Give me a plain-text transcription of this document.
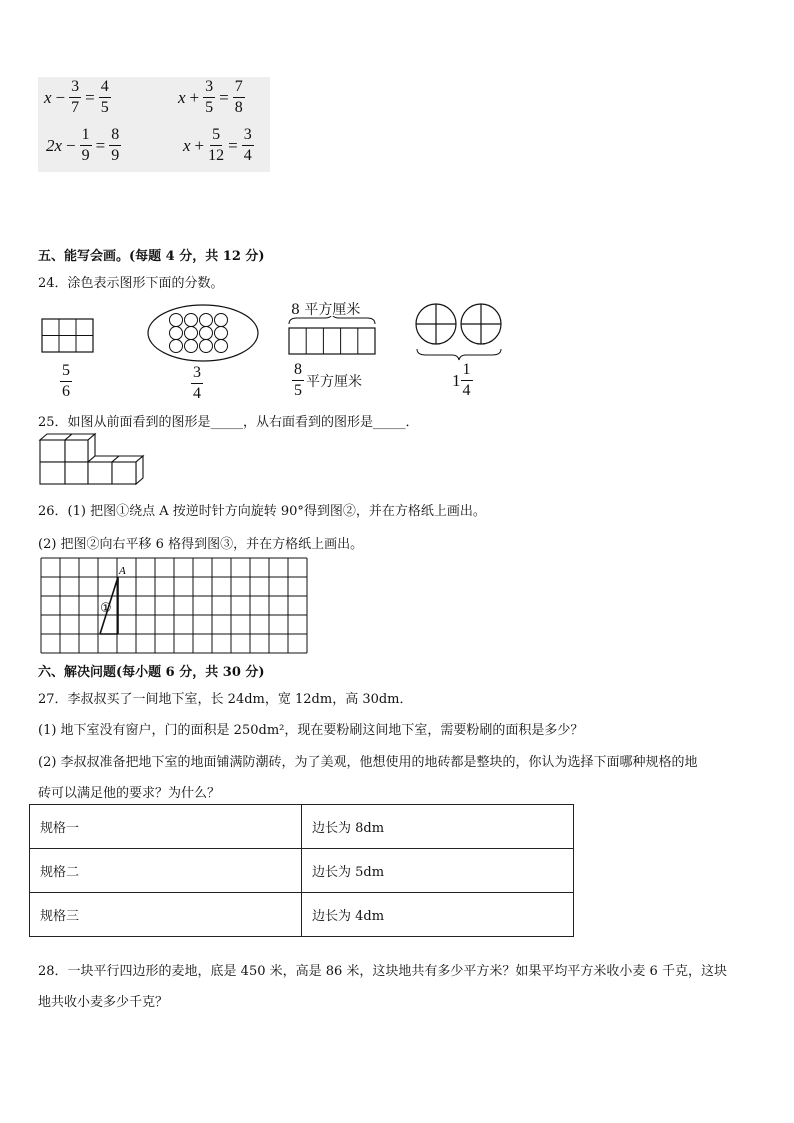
$x - \frac{3}{7} = \frac{4}{5}$	$x + \frac{3}{5} = \frac{7}{8}$
$2x - \frac{1}{9} = \frac{8}{9}$	$x + \frac{5}{12} = \frac{3}{4}$
五、能写会画。(每题 4 分，共 12 分)
24．涂色表示图形下面的分数。
$\frac{5}{6}$	$\frac{3}{4}$
8 平方厘米
$\frac{8}{5}$ 平方厘米	$1 \frac{1}{4}$
25．如图从前面看到的图形是_____，从右面看到的图形是_____．
26．(1) 把图①绕点 A 按逆时针方向旋转 90°得到图②，并在方格纸上画出。
(2) 把图②向右平移 6 格得到图③，并在方格纸上画出。
A
①
六、解决问题(每小题 6 分，共 30 分)
27．李叔叔买了一间地下室，长 24dm，宽 12dm，高 30dm．
(1) 地下室没有窗户，门的面积是 250dm²，现在要粉刷这间地下室，需要粉刷的面积是多少？
(2) 李叔叔准备把地下室的地面铺满防潮砖，为了美观，他想使用的地砖都是整块的，你认为选择下面哪种规格的地
砖可以满足他的要求？为什么？
规格一	边长为 8dm
规格二	边长为 5dm
规格三	边长为 4dm
28．一块平行四边形的麦地，底是 450 米，高是 86 米，这块地共有多少平方米？如果平均平方米收小麦 6 千克，这块
地共收小麦多少千克？
